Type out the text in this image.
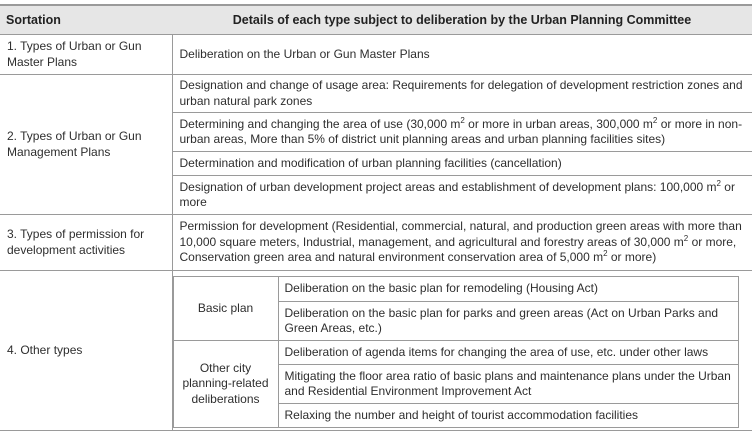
Sortation	Details of each type subject to deliberation by the Urban Planning Committee
1. Types of Urban or Gun Master Plans	Deliberation on the Urban or Gun Master Plans
2. Types of Urban or Gun Management Plans	Designation and change of usage area: Requirements for delegation of development restriction zones and urban natural park zones
Determining and changing the area of use (30,000 $m^2$ or more in urban areas, 300,000 $m^2$ or more in non-urban areas, More than 5% of district unit planning areas and urban planning facilities sites)
Determination and modification of urban planning facilities (cancellation)
Designation of urban development project areas and establishment of development plans: 100,000 $m^2$ or more
3. Types of permission for development activities	Permission for development (Residential, commercial, natural, and production green areas with more than 10,000 square meters, Industrial, management, and agricultural and forestry areas of 30,000 $m^2$ or more, Conservation green area and natural environment conservation area of 5,000 $m^2$ or more)
4. Other types	
Basic plan	Deliberation on the basic plan for remodeling (Housing Act)
Deliberation on the basic plan for parks and green areas (Act on Urban Parks and Green Areas, etc.)
Other city planning-related deliberations	Deliberation of agenda items for changing the area of use, etc. under other laws
Mitigating the floor area ratio of basic plans and maintenance plans under the Urban and Residential Environment Improvement Act
Relaxing the number and height of tourist accommodation facilities
